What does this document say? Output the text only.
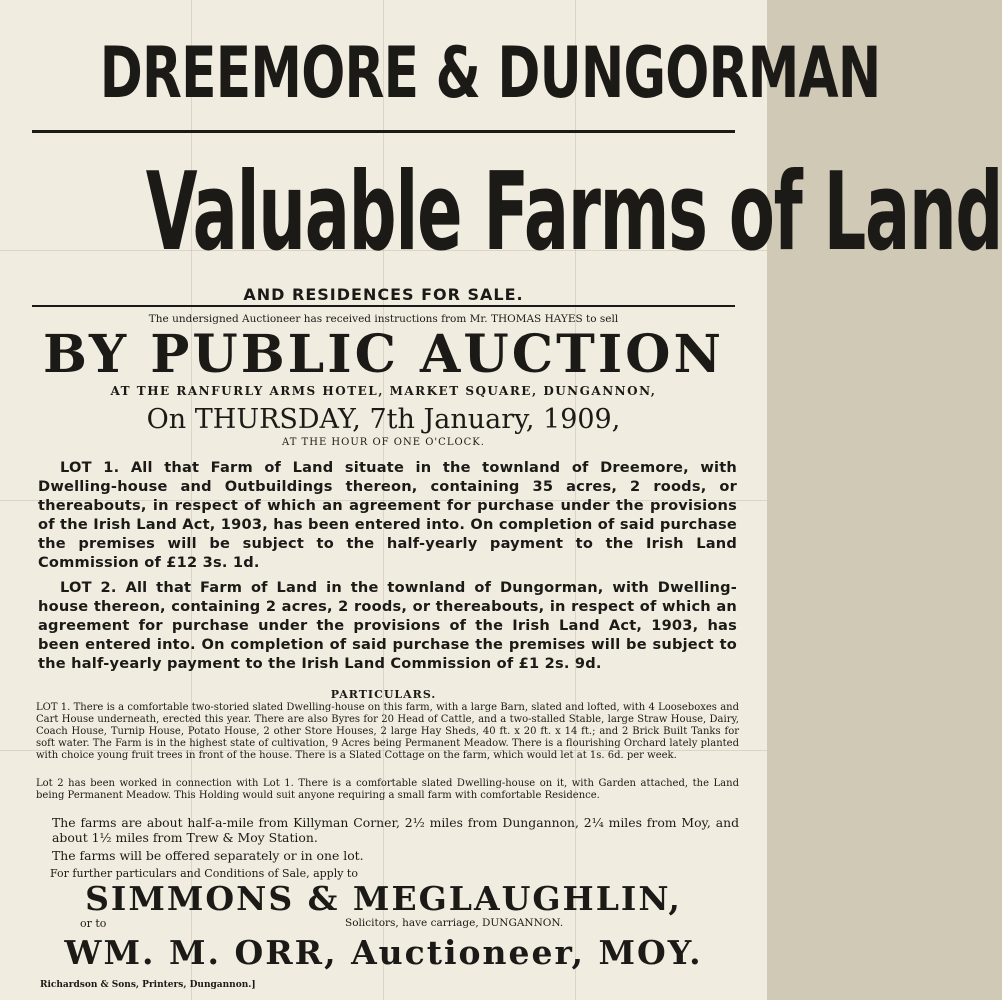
DREEMORE & DUNGORMAN
Valuable Farms of Land
AND RESIDENCES FOR SALE.
The undersigned Auctioneer has received instructions from Mr. THOMAS HAYES to sell
BY PUBLIC AUCTION
AT THE RANFURLY ARMS HOTEL, MARKET SQUARE, DUNGANNON,
On THURSDAY, 7th January, 1909,
AT THE HOUR OF ONE O'CLOCK.
LOT 1. All that Farm of Land situate in the townland of Dreemore, with Dwelling-house and Outbuildings thereon, containing 35 acres, 2 roods, or thereabouts, in respect of which an agreement for purchase under the provisions of the Irish Land Act, 1903, has been entered into. On completion of said purchase the premises will be subject to the half-yearly payment to the Irish Land Commission of £12 3s. 1d.
LOT 2. All that Farm of Land in the townland of Dungorman, with Dwelling-house thereon, containing 2 acres, 2 roods, or thereabouts, in respect of which an agreement for purchase under the provisions of the Irish Land Act, 1903, has been entered into. On completion of said purchase the premises will be subject to the half-yearly payment to the Irish Land Commission of £1 2s. 9d.
PARTICULARS.
LOT 1. There is a comfortable two-storied slated Dwelling-house on this farm, with a large Barn, slated and lofted, with 4 Looseboxes and Cart House underneath, erected this year. There are also Byres for 20 Head of Cattle, and a two-stalled Stable, large Straw House, Dairy, Coach House, Turnip House, Potato House, 2 other Store Houses, 2 large Hay Sheds, 40 ft. x 20 ft. x 14 ft.; and 2 Brick Built Tanks for soft water. The Farm is in the highest state of cultivation, 9 Acres being Permanent Meadow. There is a flourishing Orchard lately planted with choice young fruit trees in front of the house. There is a Slated Cottage on the farm, which would let at 1s. 6d. per week.
Lot 2 has been worked in connection with Lot 1. There is a comfortable slated Dwelling-house on it, with Garden attached, the Land being Permanent Meadow. This Holding would suit anyone requiring a small farm with comfortable Residence.
The farms are about half-a-mile from Killyman Corner, 2½ miles from Dungannon, 2¼ miles from Moy, and about 1½ miles from Trew & Moy Station.
The farms will be offered separately or in one lot.
For further particulars and Conditions of Sale, apply to
SIMMONS & MEGLAUGHLIN,
or to	Solicitors, have carriage, DUNGANNON.
WM. M. ORR, Auctioneer, MOY.
Richardson & Sons, Printers, Dungannon.]
